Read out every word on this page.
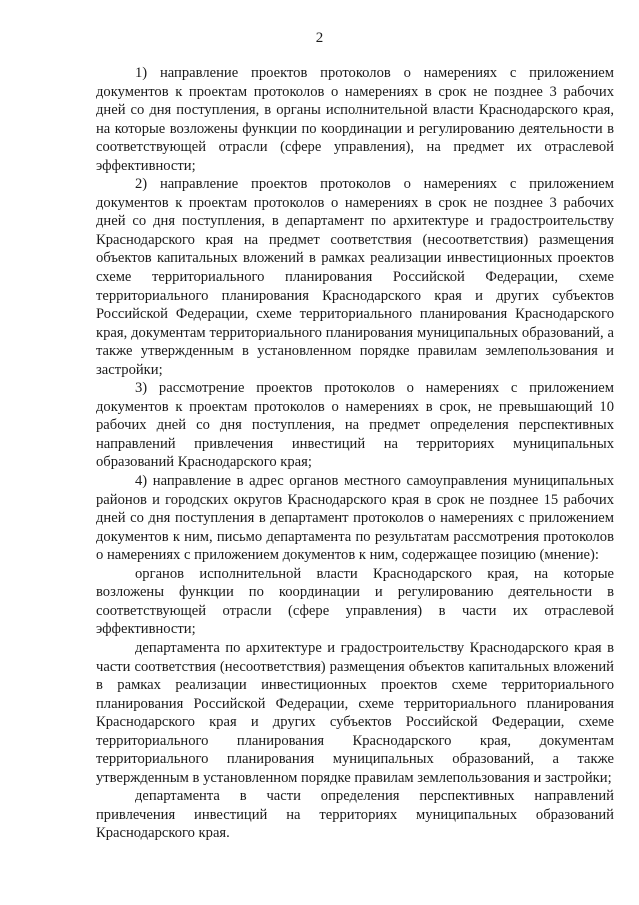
2

1) направление проектов протоколов о намерениях с приложением документов к проектам протоколов о намерениях в срок не позднее 3 рабочих дней со дня поступления, в органы исполнительной власти Краснодарского края, на которые возложены функции по координации и регулированию деятельности в соответствующей отрасли (сфере управления), на предмет их отраслевой эффективности;

2) направление проектов протоколов о намерениях с приложением документов к проектам протоколов о намерениях в срок не позднее 3 рабочих дней со дня поступления, в департамент по архитектуре и градостроительству Краснодарского края на предмет соответствия (несоответствия) размещения объектов капитальных вложений в рамках реализации инвестиционных проектов схеме территориального планирования Российской Федерации, схеме территориального планирования Краснодарского края и других субъектов Российской Федерации, схеме территориального планирования Краснодарского края, документам территориального планирования муниципальных образований, а также утвержденным в установленном порядке правилам землепользования и застройки;

3) рассмотрение проектов протоколов о намерениях с приложением документов к проектам протоколов о намерениях в срок, не превышающий 10 рабочих дней со дня поступления, на предмет определения перспективных направлений привлечения инвестиций на территориях муниципальных образований Краснодарского края;

4) направление в адрес органов местного самоуправления муниципальных районов и городских округов Краснодарского края в срок не позднее 15 рабочих дней со дня поступления в департамент протоколов о намерениях с приложением документов к ним, письмо департамента по результатам рассмотрения протоколов о намерениях с приложением документов к ним, содержащее позицию (мнение):

органов исполнительной власти Краснодарского края, на которые возложены функции по координации и регулированию деятельности в соответствующей отрасли (сфере управления) в части их отраслевой эффективности;

департамента по архитектуре и градостроительству Краснодарского края в части соответствия (несоответствия) размещения объектов капитальных вложений в рамках реализации инвестиционных проектов схеме территориального планирования Российской Федерации, схеме территориального планирования Краснодарского края и других субъектов Российской Федерации, схеме территориального планирования Краснодарского края, документам территориального планирования муниципальных образований, а также утвержденным в установленном порядке правилам землепользования и застройки;

департамента в части определения перспективных направлений привлечения инвестиций на территориях муниципальных образований Краснодарского края.
